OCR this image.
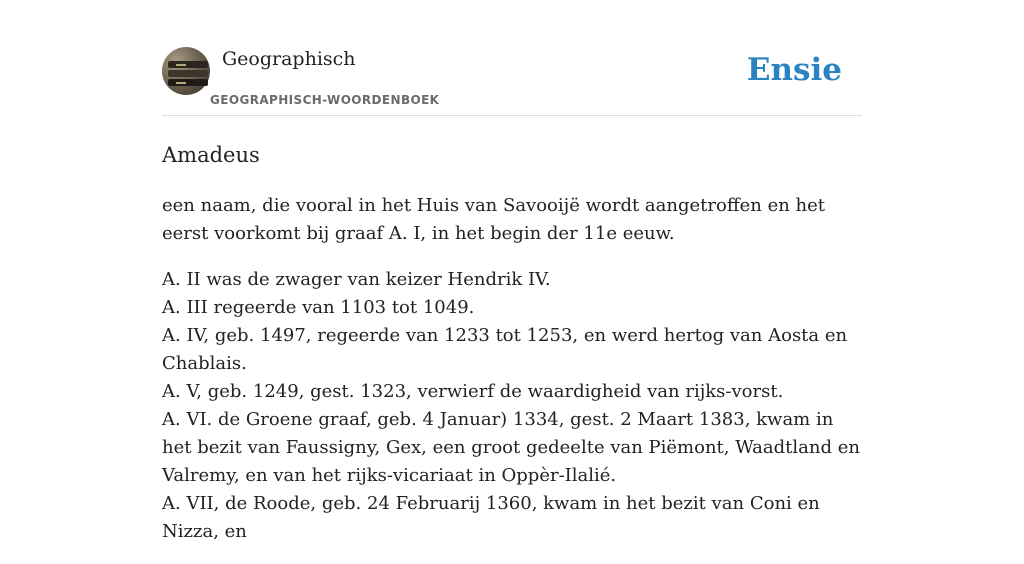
Geographisch
GEOGRAPHISCH-WOORDENBOEK
Ensie
Amadeus

een naam, die vooral in het Huis van Savooijë wordt aangetroffen en het eerst voorkomt bij graaf A. I, in het begin der 11e eeuw.

A. II was de zwager van keizer Hendrik IV.
A. III regeerde van 1103 tot 1049.
A. IV, geb. 1497, regeerde van 1233 tot 1253, en werd hertog van Aosta en Chablais.
A. V, geb. 1249, gest. 1323, verwierf de waardigheid van rijks-vorst.
A. VI. de Groene graaf, geb. 4 Januar) 1334, gest. 2 Maart 1383, kwam in het bezit van Faussigny, Gex, een groot gedeelte van Piëmont, Waadtland en Valremy, en van het rijks-vicariaat in Oppèr-Ilalié.
A. VII, de Roode, geb. 24 Februarij 1360, kwam in het bezit van Coni en Nizza, en
